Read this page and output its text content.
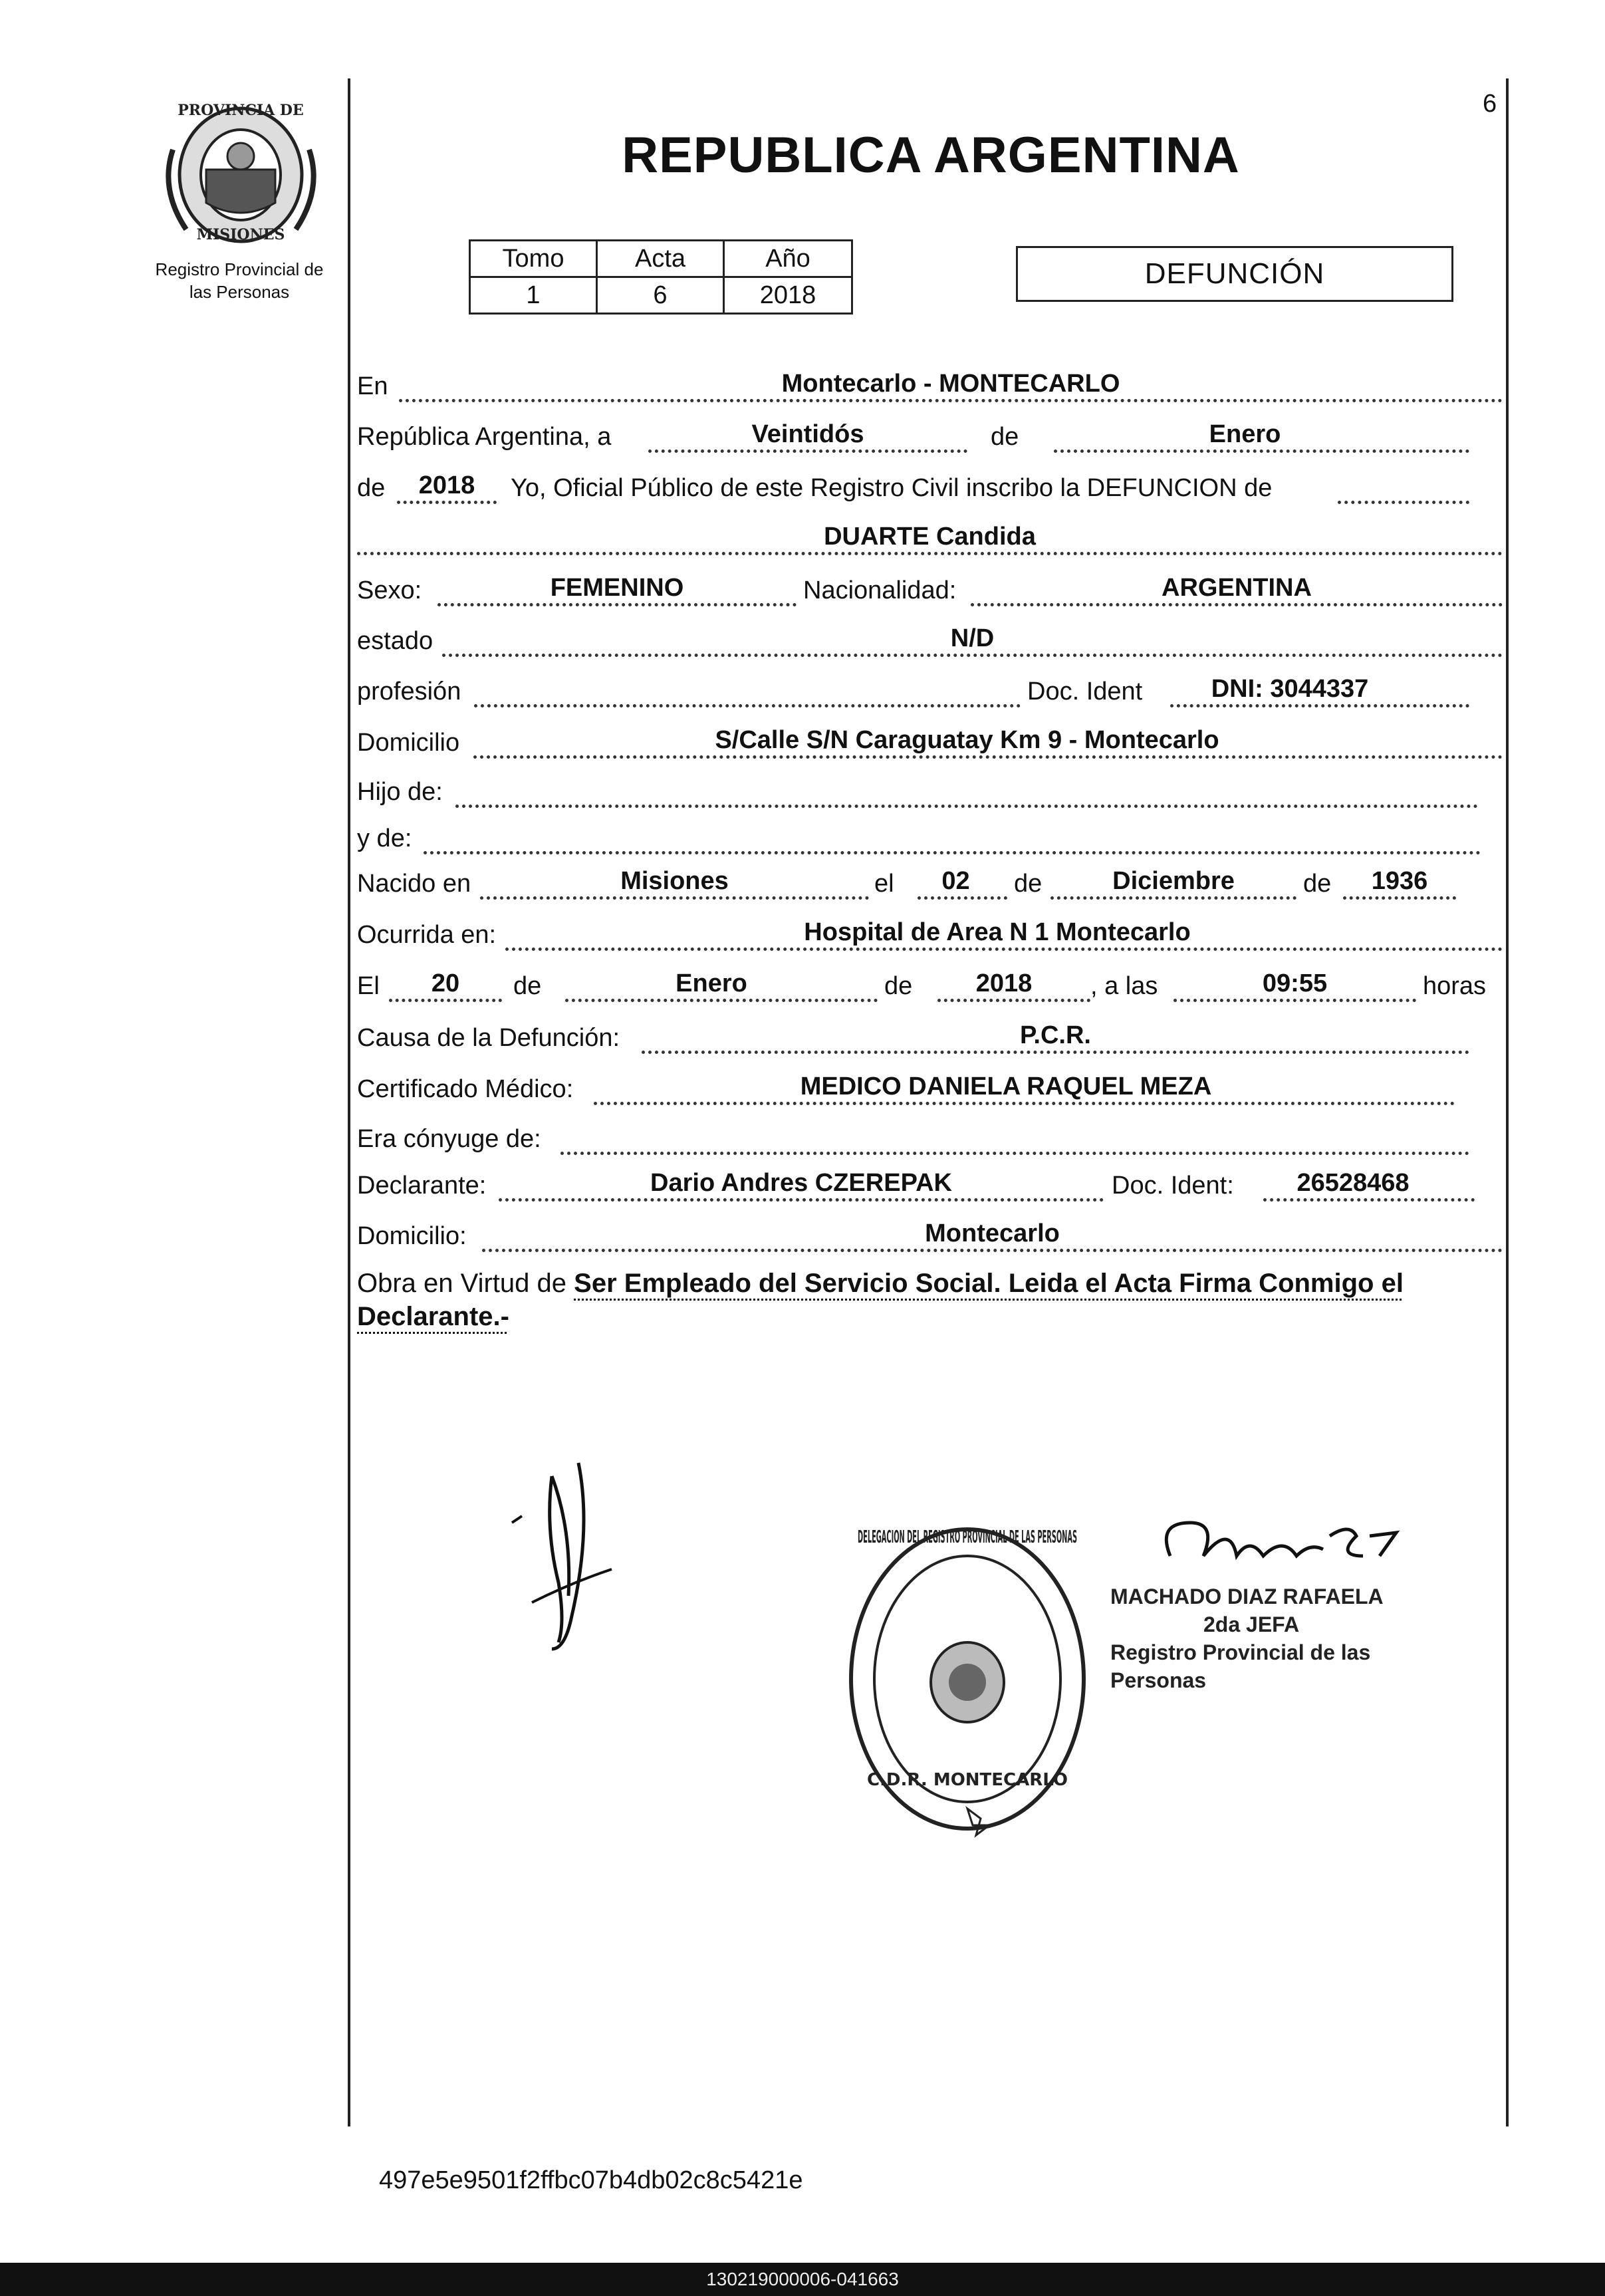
PROVINCIA DE
MISIONES
Registro Provincial de
las Personas
6
REPUBLICA ARGENTINA
Tomo	Acta	Año
1	6	2018
DEFUNCIÓN
En	Montecarlo - MONTECARLO
República Argentina, a	Veintidós	de	Enero
de	2018	Yo, Oficial Público de este Registro Civil inscribo la DEFUNCION de
DUARTE Candida
Sexo:	FEMENINO	Nacionalidad:	ARGENTINA
estado	N/D
profesión	Doc. Ident	DNI: 3044337
Domicilio	S/Calle S/N Caraguatay Km 9 - Montecarlo
Hijo de:
y de:
Nacido en	Misiones	el	02	de	Diciembre	de	1936
Ocurrida en:	Hospital de Area N 1 Montecarlo
El	20	de	Enero	de	2018	, a las	09:55	horas
Causa de la Defunción:	P.C.R.
Certificado Médico:	MEDICO DANIELA RAQUEL MEZA
Era cónyuge de:
Declarante:	Dario Andres CZEREPAK	Doc. Ident:	26528468
Domicilio:	Montecarlo
Obra en Virtud de Ser Empleado del Servicio Social. Leida el Acta Firma Conmigo el Declarante.-
DELEGACION DEL REGISTRO PROVINCIAL DE LAS PERSONAS
C.D.R. MONTECARLO
MACHADO DIAZ RAFAELA
2da JEFA
Registro Provincial de las Personas
497e5e9501f2ffbc07b4db02c8c5421e
130219000006-041663
